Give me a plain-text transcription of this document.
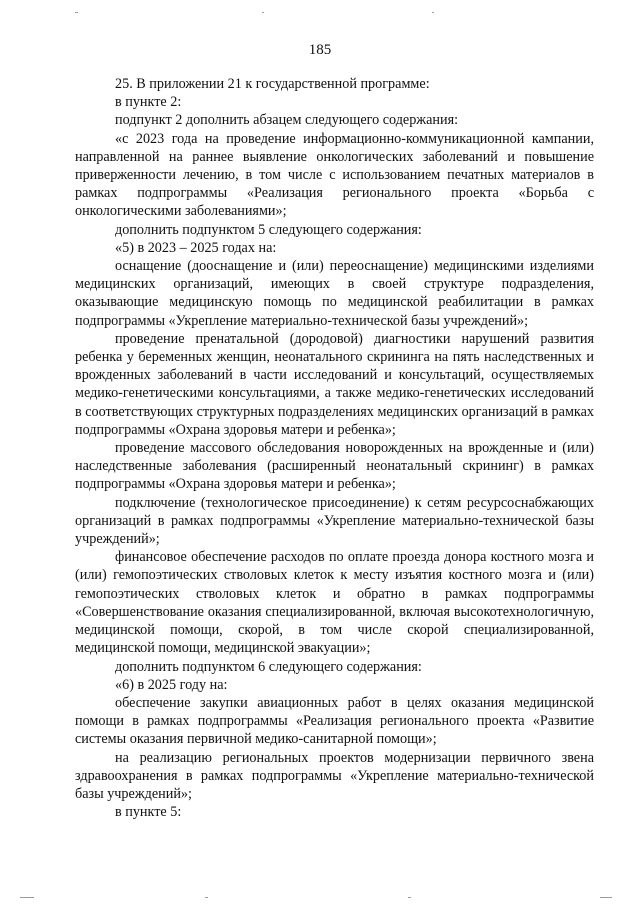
185

25. В приложении 21 к государственной программе:

в пункте 2:

подпункт 2 дополнить абзацем следующего содержания:

«с 2023 года на проведение информационно-коммуникационной кампании, направленной на раннее выявление онкологических заболеваний и повышение приверженности лечению, в том числе с использованием печатных материалов в рамках подпрограммы «Реализация регионального проекта «Борьба с онкологическими заболеваниями»;

дополнить подпунктом 5 следующего содержания:

«5) в 2023 – 2025 годах на:

оснащение (дооснащение и (или) переоснащение) медицинскими изделиями медицинских организаций, имеющих в своей структуре подразделения, оказывающие медицинскую помощь по медицинской реабилитации в рамках подпрограммы «Укрепление материально-технической базы учреждений»;

проведение пренатальной (дородовой) диагностики нарушений развития ребенка у беременных женщин, неонатального скрининга на пять наследственных и врожденных заболеваний в части исследований и консультаций, осуществляемых медико-генетическими консультациями, а также медико-генетических исследований в соответствующих структурных подразделениях медицинских организаций в рамках подпрограммы «Охрана здоровья матери и ребенка»;

проведение массового обследования новорожденных на врожденные и (или) наследственные заболевания (расширенный неонатальный скрининг) в рамках подпрограммы «Охрана здоровья матери и ребенка»;

подключение (технологическое присоединение) к сетям ресурсоснабжающих организаций в рамках подпрограммы «Укрепление материально-технической базы учреждений»;

финансовое обеспечение расходов по оплате проезда донора костного мозга и (или) гемопоэтических стволовых клеток к месту изъятия костного мозга и (или) гемопоэтических стволовых клеток и обратно в рамках подпрограммы «Совершенствование оказания специализированной, включая высокотехнологичную, медицинской помощи, скорой, в том числе скорой специализированной, медицинской помощи, медицинской эвакуации»;

дополнить подпунктом 6 следующего содержания:

«6) в 2025 году на:

обеспечение закупки авиационных работ в целях оказания медицинской помощи в рамках подпрограммы «Реализация регионального проекта «Развитие системы оказания первичной медико-санитарной помощи»;

на реализацию региональных проектов модернизации первичного звена здравоохранения в рамках подпрограммы «Укрепление материально-технической базы учреждений»;

в пункте 5:
